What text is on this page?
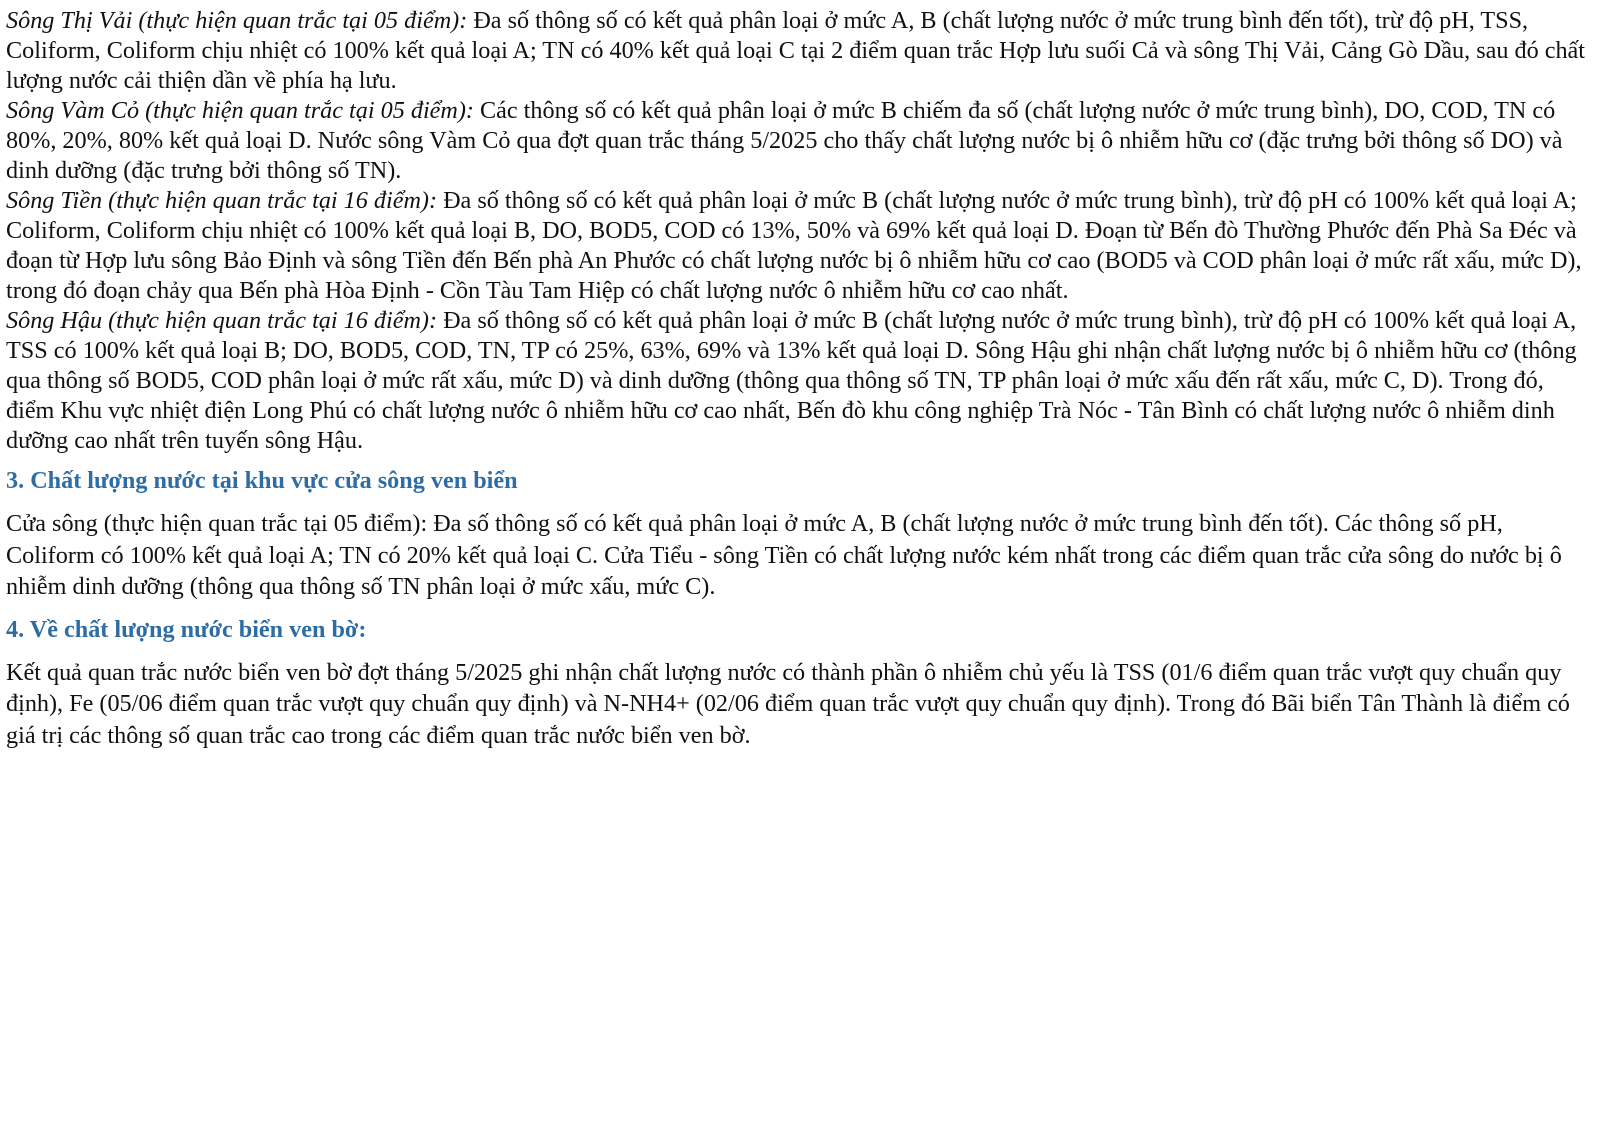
Sông Thị Vải (thực hiện quan trắc tại 05 điểm): Đa số thông số có kết quả phân loại ở mức A, B (chất lượng nước ở mức trung bình đến tốt), trừ độ pH, TSS, Coliform, Coliform chịu nhiệt có 100% kết quả loại A; TN có 40% kết quả loại C tại 2 điểm quan trắc Hợp lưu suối Cả và sông Thị Vải, Cảng Gò Dầu, sau đó chất lượng nước cải thiện dần về phía hạ lưu.

Sông Vàm Cỏ (thực hiện quan trắc tại 05 điểm): Các thông số có kết quả phân loại ở mức B chiếm đa số (chất lượng nước ở mức trung bình), DO, COD, TN có 80%, 20%, 80% kết quả loại D. Nước sông Vàm Cỏ qua đợt quan trắc tháng 5/2025 cho thấy chất lượng nước bị ô nhiễm hữu cơ (đặc trưng bởi thông số DO) và dinh dưỡng (đặc trưng bởi thông số TN).

Sông Tiền (thực hiện quan trắc tại 16 điểm): Đa số thông số có kết quả phân loại ở mức B (chất lượng nước ở mức trung bình), trừ độ pH có 100% kết quả loại A; Coliform, Coliform chịu nhiệt có 100% kết quả loại B, DO, BOD5, COD có 13%, 50% và 69% kết quả loại D. Đoạn từ Bến đò Thường Phước đến Phà Sa Đéc và đoạn từ Hợp lưu sông Bảo Định và sông Tiền đến Bến phà An Phước có chất lượng nước bị ô nhiễm hữu cơ cao (BOD5 và COD phân loại ở mức rất xấu, mức D), trong đó đoạn chảy qua Bến phà Hòa Định - Cồn Tàu Tam Hiệp có chất lượng nước ô nhiễm hữu cơ cao nhất.

Sông Hậu (thực hiện quan trắc tại 16 điểm): Đa số thông số có kết quả phân loại ở mức B (chất lượng nước ở mức trung bình), trừ độ pH có 100% kết quả loại A, TSS có 100% kết quả loại B; DO, BOD5, COD, TN, TP có 25%, 63%, 69% và 13% kết quả loại D. Sông Hậu ghi nhận chất lượng nước bị ô nhiễm hữu cơ (thông qua thông số BOD5, COD phân loại ở mức rất xấu, mức D) và dinh dưỡng (thông qua thông số TN, TP phân loại ở mức xấu đến rất xấu, mức C, D). Trong đó, điểm Khu vực nhiệt điện Long Phú có chất lượng nước ô nhiễm hữu cơ cao nhất, Bến đò khu công nghiệp Trà Nóc - Tân Bình có chất lượng nước ô nhiễm dinh dưỡng cao nhất trên tuyến sông Hậu.

3. Chất lượng nước tại khu vực cửa sông ven biển

Cửa sông (thực hiện quan trắc tại 05 điểm): Đa số thông số có kết quả phân loại ở mức A, B (chất lượng nước ở mức trung bình đến tốt). Các thông số pH, Coliform có 100% kết quả loại A; TN có 20% kết quả loại C. Cửa Tiểu - sông Tiền có chất lượng nước kém nhất trong các điểm quan trắc cửa sông do nước bị ô nhiễm dinh dưỡng (thông qua thông số TN phân loại ở mức xấu, mức C).

4. Về chất lượng nước biển ven bờ:

Kết quả quan trắc nước biển ven bờ đợt tháng 5/2025 ghi nhận chất lượng nước có thành phần ô nhiễm chủ yếu là TSS (01/6 điểm quan trắc vượt quy chuẩn quy định), Fe (05/06 điểm quan trắc vượt quy chuẩn quy định) và N-NH4+ (02/06 điểm quan trắc vượt quy chuẩn quy định). Trong đó Bãi biển Tân Thành là điểm có giá trị các thông số quan trắc cao trong các điểm quan trắc nước biển ven bờ.
